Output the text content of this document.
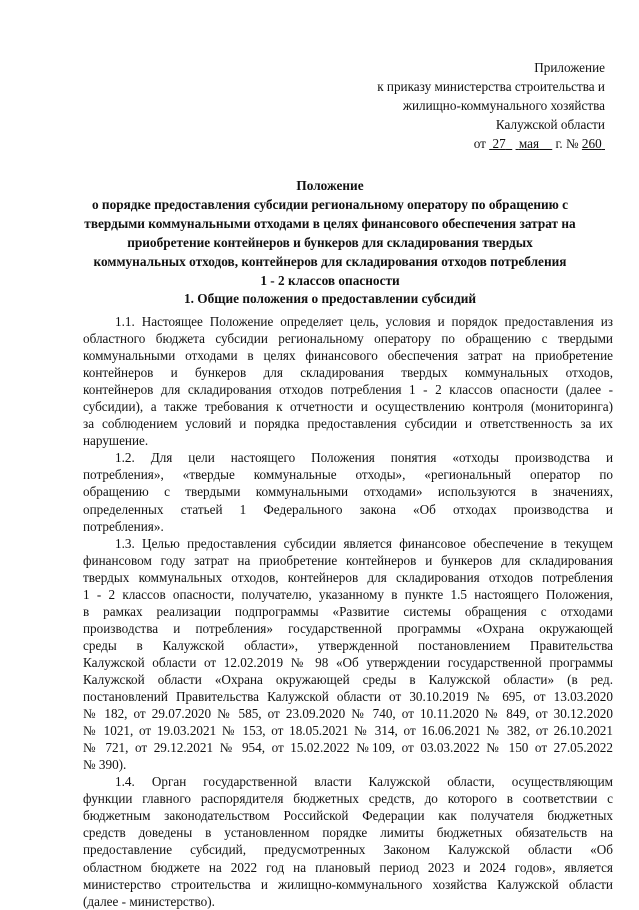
Приложение
к приказу министерства строительства и
жилищно-коммунального хозяйства
Калужской области
от 27 мая г. № 260
Положение
о порядке предоставления субсидии региональному оператору по обращению с
твердыми коммунальными отходами в целях финансового обеспечения затрат на
приобретение контейнеров и бункеров для складирования твердых
коммунальных отходов, контейнеров для складирования отходов потребления
1 - 2 классов опасности
1. Общие положения о предоставлении субсидий
1.1. Настоящее Положение определяет цель, условия и порядок предоставления из
областного бюджета субсидии региональному оператору по обращению с твердыми
коммунальными отходами в целях финансового обеспечения затрат на приобретение
контейнеров и бункеров для складирования твердых коммунальных отходов,
контейнеров для складирования отходов потребления 1 - 2 классов опасности (далее -
субсидии), а также требования к отчетности и осуществлению контроля (мониторинга)
за соблюдением условий и порядка предоставления субсидии и ответственность за их
нарушение.
1.2. Для цели настоящего Положения понятия «отходы производства и
потребления», «твердые коммунальные отходы», «региональный оператор по
обращению с твердыми коммунальными отходами» используются в значениях,
определенных статьей 1 Федерального закона «Об отходах производства и
потребления».
1.3. Целью предоставления субсидии является финансовое обеспечение в текущем
финансовом году затрат на приобретение контейнеров и бункеров для складирования
твердых коммунальных отходов, контейнеров для складирования отходов потребления
1 - 2 классов опасности, получателю, указанному в пункте 1.5 настоящего Положения,
в рамках реализации подпрограммы «Развитие системы обращения с отходами
производства и потребления» государственной программы «Охрана окружающей
среды в Калужской области», утвержденной постановлением Правительства
Калужской области от 12.02.2019 № 98 «Об утверждении государственной программы
Калужской области «Охрана окружающей среды в Калужской области» (в ред.
постановлений Правительства Калужской области от 30.10.2019 № 695, от 13.03.2020
№ 182, от 29.07.2020 № 585, от 23.09.2020 № 740, от 10.11.2020 № 849, от 30.12.2020
№ 1021, от 19.03.2021 № 153, от 18.05.2021 № 314, от 16.06.2021 № 382, от 26.10.2021
№ 721, от 29.12.2021 № 954, от 15.02.2022 №109, от 03.03.2022 № 150 от 27.05.2022
№ 390).
1.4. Орган государственной власти Калужской области, осуществляющим
функции главного распорядителя бюджетных средств, до которого в соответствии с
бюджетным законодательством Российской Федерации как получателя бюджетных
средств доведены в установленном порядке лимиты бюджетных обязательств на
предоставление субсидий, предусмотренных Законом Калужской области «Об
областном бюджете на 2022 год на плановый период 2023 и 2024 годов», является
министерство строительства и жилищно-коммунального хозяйства Калужской области
(далее - министерство).
